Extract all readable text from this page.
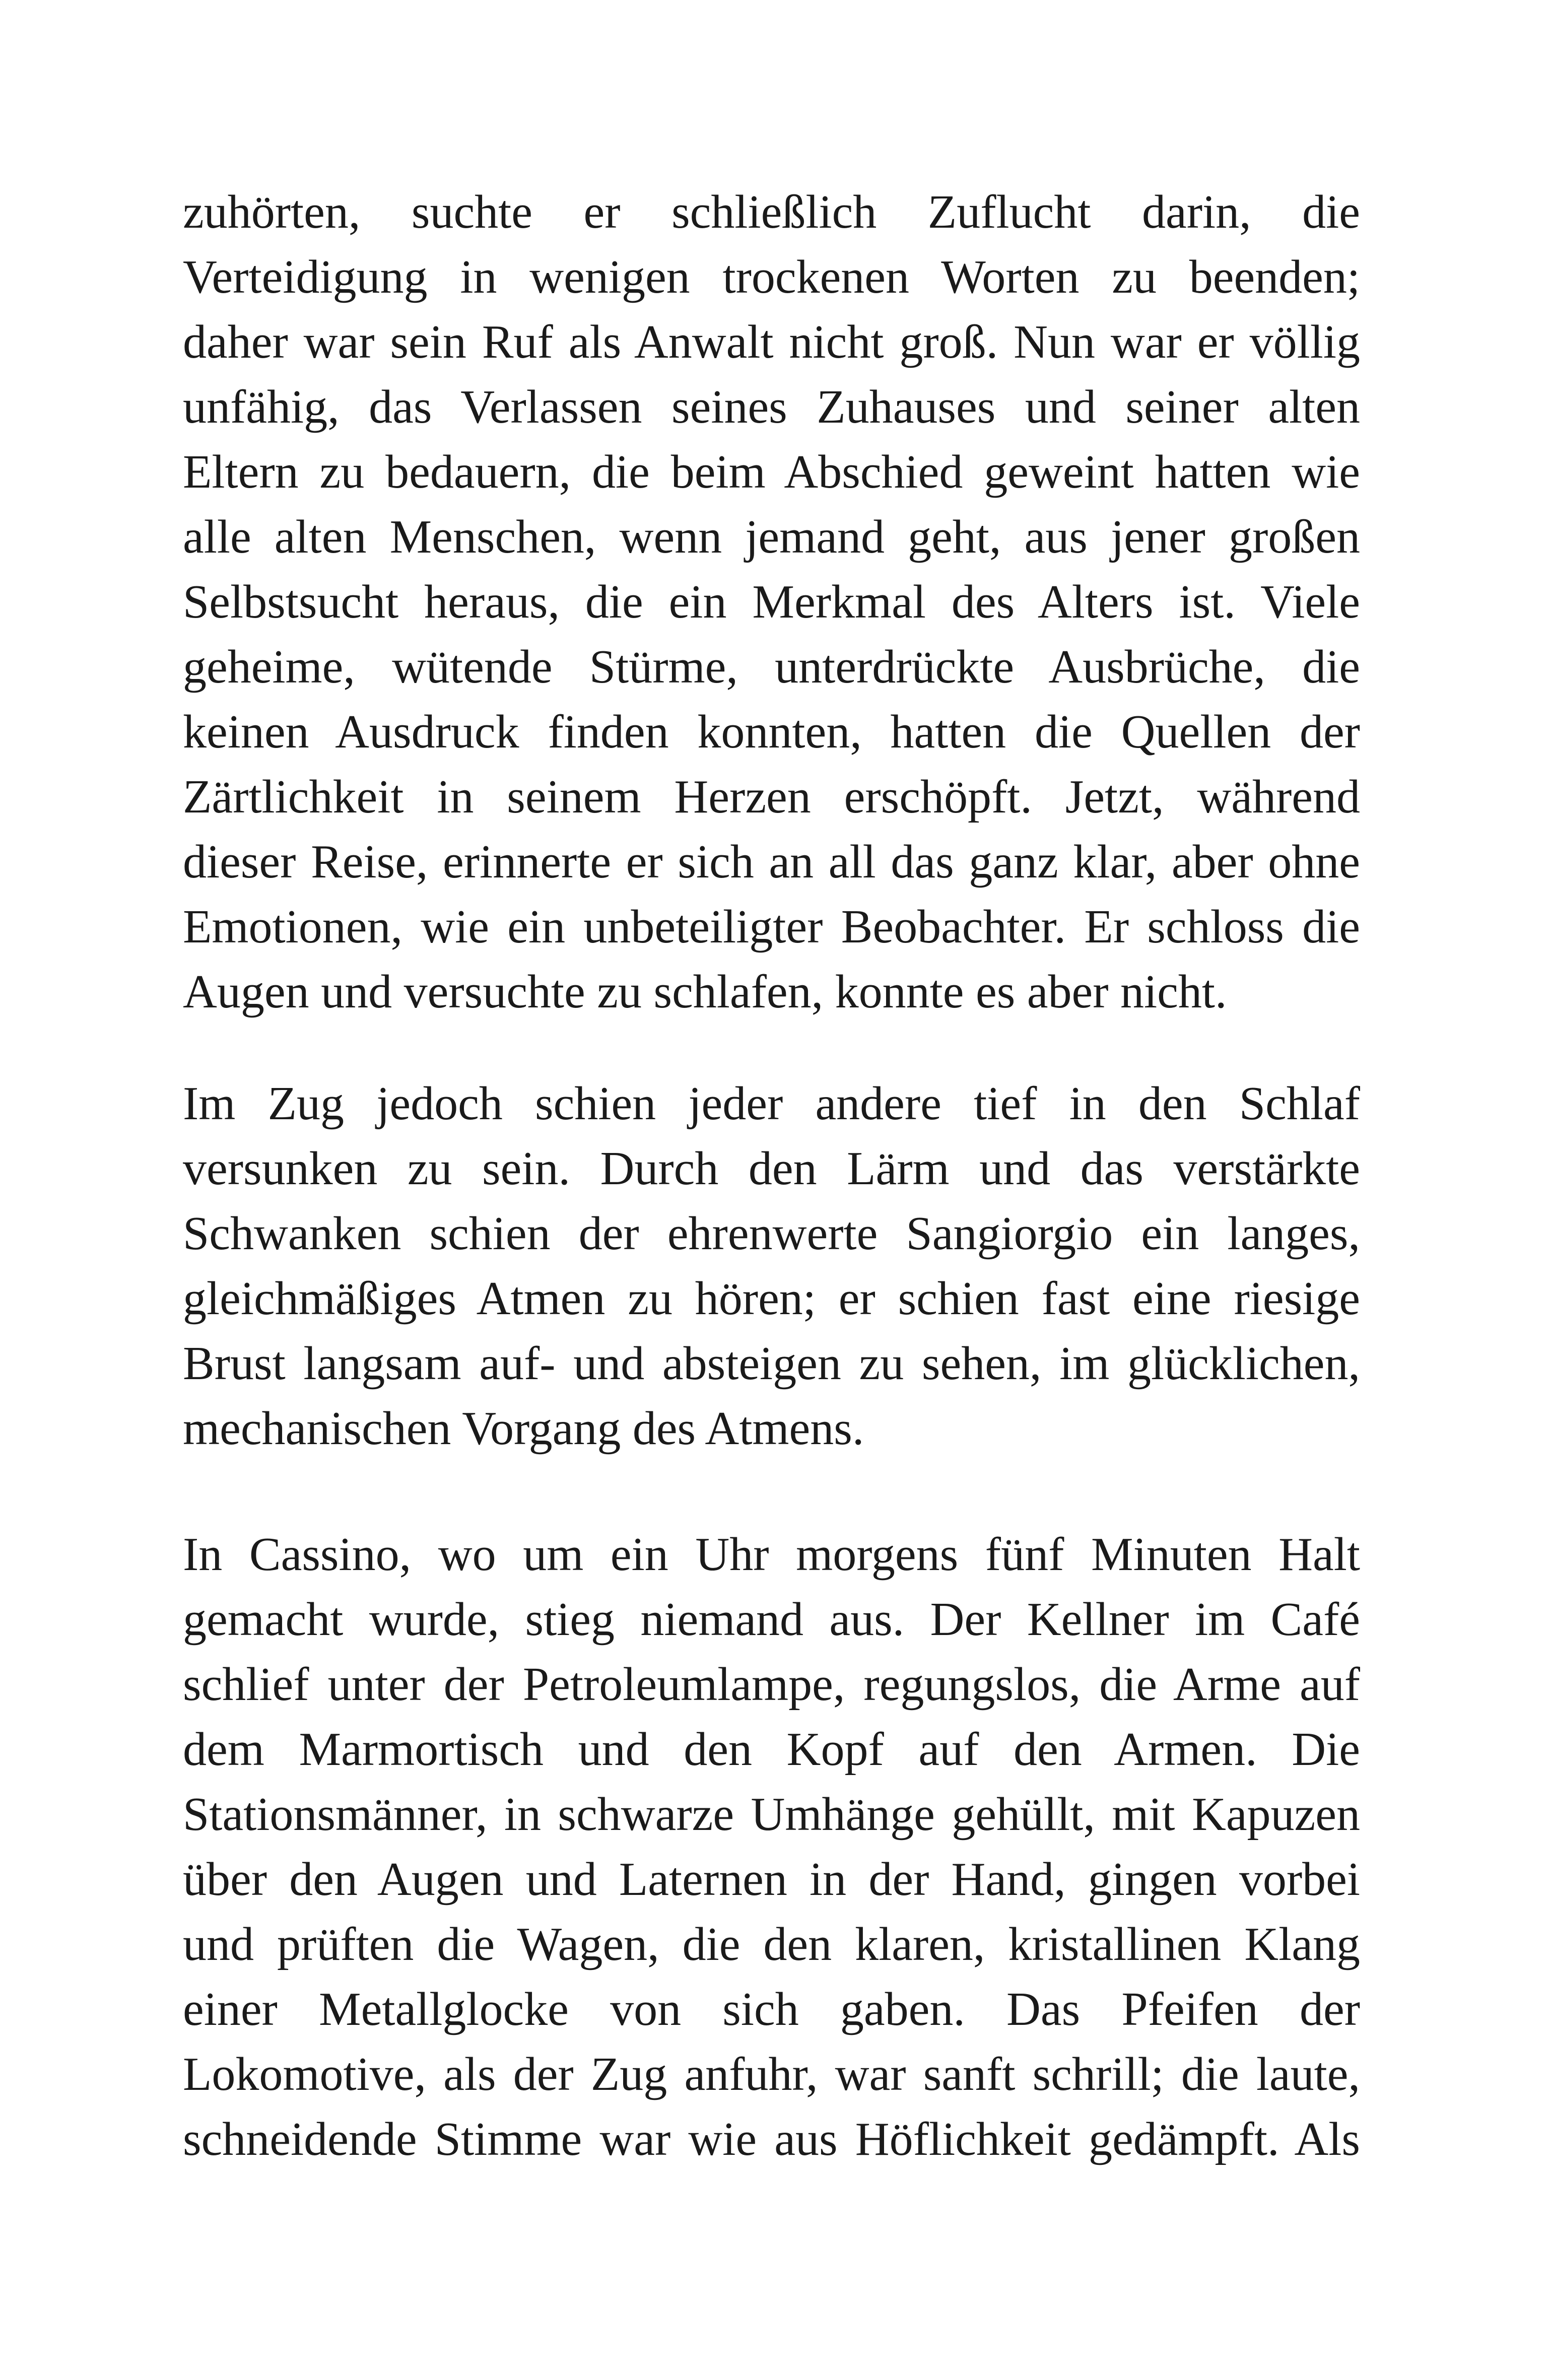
zuhörten, suchte er schließlich Zuflucht darin, die
Verteidigung in wenigen trockenen Worten zu beenden;
daher war sein Ruf als Anwalt nicht groß. Nun war er völlig
unfähig, das Verlassen seines Zuhauses und seiner alten
Eltern zu bedauern, die beim Abschied geweint hatten wie
alle alten Menschen, wenn jemand geht, aus jener großen
Selbstsucht heraus, die ein Merkmal des Alters ist. Viele
geheime, wütende Stürme, unterdrückte Ausbrüche, die
keinen Ausdruck finden konnten, hatten die Quellen der
Zärtlichkeit in seinem Herzen erschöpft. Jetzt, während
dieser Reise, erinnerte er sich an all das ganz klar, aber ohne
Emotionen, wie ein unbeteiligter Beobachter. Er schloss die
Augen und versuchte zu schlafen, konnte es aber nicht.
Im Zug jedoch schien jeder andere tief in den Schlaf
versunken zu sein. Durch den Lärm und das verstärkte
Schwanken schien der ehrenwerte Sangiorgio ein langes,
gleichmäßiges Atmen zu hören; er schien fast eine riesige
Brust langsam auf- und absteigen zu sehen, im glücklichen,
mechanischen Vorgang des Atmens.
In Cassino, wo um ein Uhr morgens fünf Minuten Halt
gemacht wurde, stieg niemand aus. Der Kellner im Café
schlief unter der Petroleumlampe, regungslos, die Arme auf
dem Marmortisch und den Kopf auf den Armen. Die
Stationsmänner, in schwarze Umhänge gehüllt, mit Kapuzen
über den Augen und Laternen in der Hand, gingen vorbei
und prüften die Wagen, die den klaren, kristallinen Klang
einer Metallglocke von sich gaben. Das Pfeifen der
Lokomotive, als der Zug anfuhr, war sanft schrill; die laute,
schneidende Stimme war wie aus Höflichkeit gedämpft. Als
